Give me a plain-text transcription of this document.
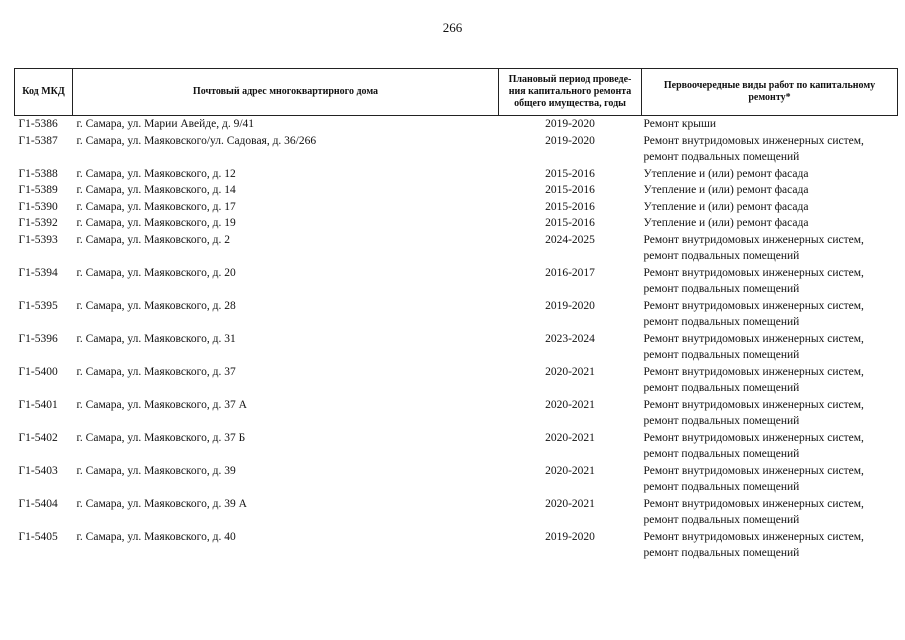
266
Код МКД	Почтовый адрес многоквартирного дома	Плановый период проведе-ния капитального ремонта общего имущества, годы	Первоочередные виды работ по капитальному ремонту*
Г1-5386	г. Самара, ул. Марии Авейде, д. 9/41	2019-2020	Ремонт крыши

Г1-5387	г. Самара, ул. Маяковского/ул. Садовая, д. 36/266	2019-2020	Ремонт внутридомовых инженерных систем,
ремонт подвальных помещений

Г1-5388	г. Самара, ул. Маяковского, д. 12	2015-2016	Утепление и (или) ремонт фасада

Г1-5389	г. Самара, ул. Маяковского, д. 14	2015-2016	Утепление и (или) ремонт фасада

Г1-5390	г. Самара, ул. Маяковского, д. 17	2015-2016	Утепление и (или) ремонт фасада

Г1-5392	г. Самара, ул. Маяковского, д. 19	2015-2016	Утепление и (или) ремонт фасада

Г1-5393	г. Самара, ул. Маяковского, д. 2	2024-2025	Ремонт внутридомовых инженерных систем,
ремонт подвальных помещений

Г1-5394	г. Самара, ул. Маяковского, д. 20	2016-2017	Ремонт внутридомовых инженерных систем,
ремонт подвальных помещений

Г1-5395	г. Самара, ул. Маяковского, д. 28	2019-2020	Ремонт внутридомовых инженерных систем,
ремонт подвальных помещений

Г1-5396	г. Самара, ул. Маяковского, д. 31	2023-2024	Ремонт внутридомовых инженерных систем,
ремонт подвальных помещений

Г1-5400	г. Самара, ул. Маяковского, д. 37	2020-2021	Ремонт внутридомовых инженерных систем,
ремонт подвальных помещений

Г1-5401	г. Самара, ул. Маяковского, д. 37 А	2020-2021	Ремонт внутридомовых инженерных систем,
ремонт подвальных помещений

Г1-5402	г. Самара, ул. Маяковского, д. 37 Б	2020-2021	Ремонт внутридомовых инженерных систем,
ремонт подвальных помещений

Г1-5403	г. Самара, ул. Маяковского, д. 39	2020-2021	Ремонт внутридомовых инженерных систем,
ремонт подвальных помещений

Г1-5404	г. Самара, ул. Маяковского, д. 39 А	2020-2021	Ремонт внутридомовых инженерных систем,
ремонт подвальных помещений

Г1-5405	г. Самара, ул. Маяковского, д. 40	2019-2020	Ремонт внутридомовых инженерных систем,
ремонт подвальных помещений
